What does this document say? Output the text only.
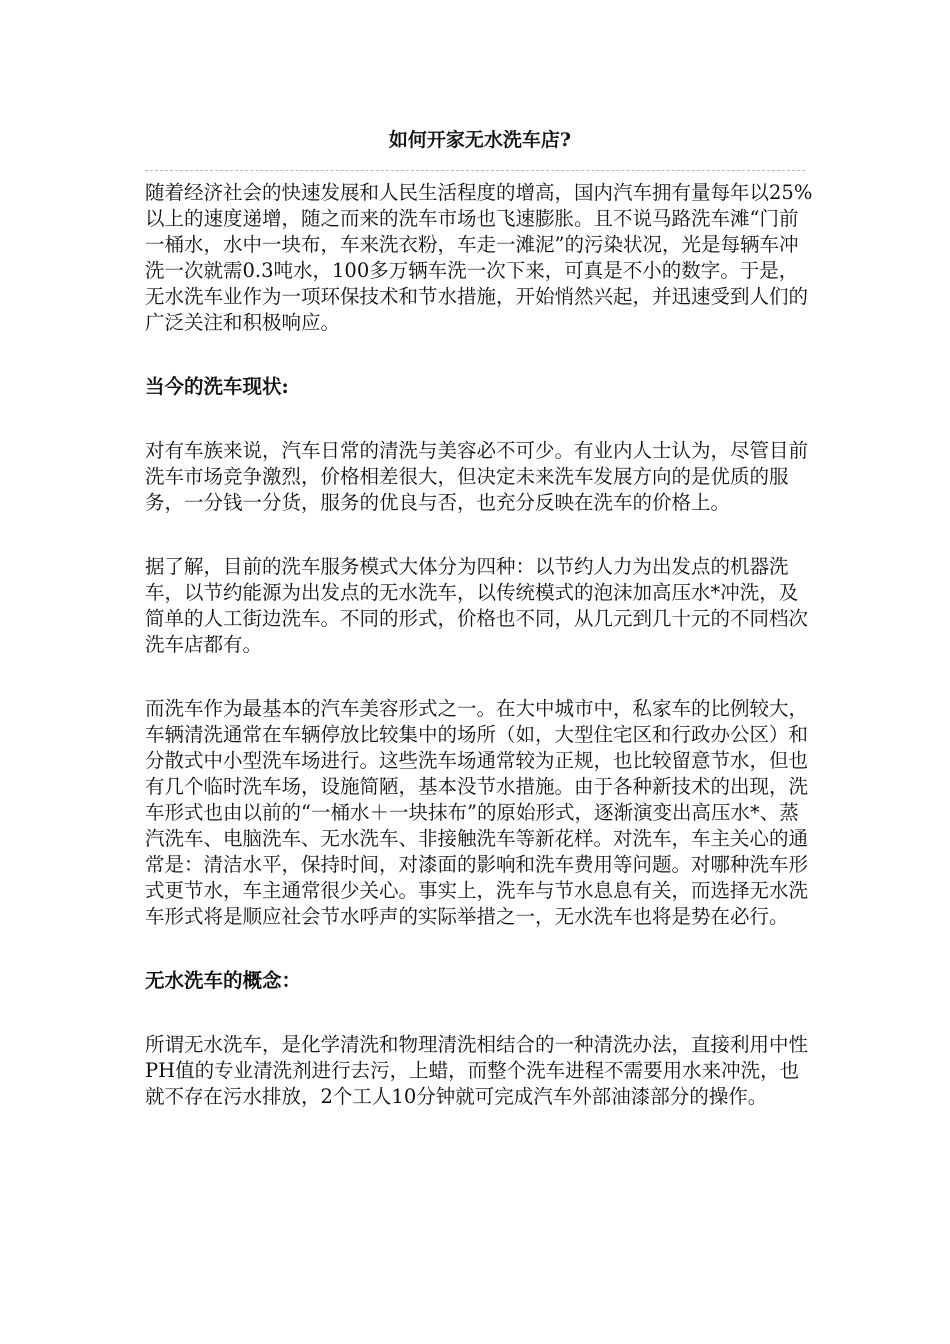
如何开家无水洗车店?

随着经济社会的快速发展和人民生活程度的增高，国内汽车拥有量每年以25%以上的速度递增，随之而来的洗车市场也飞速膨胀。且不说马路洗车滩“门前一桶水，水中一块布，车来洗衣粉，车走一滩泥”的污染状况，光是每辆车冲洗一次就需0.3吨水，100多万辆车洗一次下来，可真是不小的数字。于是，无水洗车业作为一项环保技术和节水措施，开始悄然兴起，并迅速受到人们的广泛关注和积极响应。

当今的洗车现状:

对有车族来说，汽车日常的清洗与美容必不可少。有业内人士认为，尽管目前洗车市场竞争激烈，价格相差很大，但决定未来洗车发展方向的是优质的服务，一分钱一分货，服务的优良与否，也充分反映在洗车的价格上。

据了解，目前的洗车服务模式大体分为四种：以节约人力为出发点的机器洗车，以节约能源为出发点的无水洗车，以传统模式的泡沫加高压水*冲洗，及简单的人工街边洗车。不同的形式，价格也不同，从几元到几十元的不同档次洗车店都有。

而洗车作为最基本的汽车美容形式之一。在大中城市中，私家车的比例较大，车辆清洗通常在车辆停放比较集中的场所（如，大型住宅区和行政办公区）和分散式中小型洗车场进行。这些洗车场通常较为正规，也比较留意节水，但也有几个临时洗车场，设施简陋，基本没节水措施。由于各种新技术的出现，洗车形式也由以前的“一桶水＋一块抹布”的原始形式，逐渐演变出高压水*、蒸汽洗车、电脑洗车、无水洗车、非接触洗车等新花样。对洗车，车主关心的通常是：清洁水平，保持时间，对漆面的影响和洗车费用等问题。对哪种洗车形式更节水，车主通常很少关心。事实上，洗车与节水息息有关，而选择无水洗车形式将是顺应社会节水呼声的实际举措之一，无水洗车也将是势在必行。

无水洗车的概念：

所谓无水洗车，是化学清洗和物理清洗相结合的一种清洗办法，直接利用中性PH值的专业清洗剂进行去污，上蜡，而整个洗车进程不需要用水来冲洗，也就不存在污水排放，2个工人10分钟就可完成汽车外部油漆部分的操作。
